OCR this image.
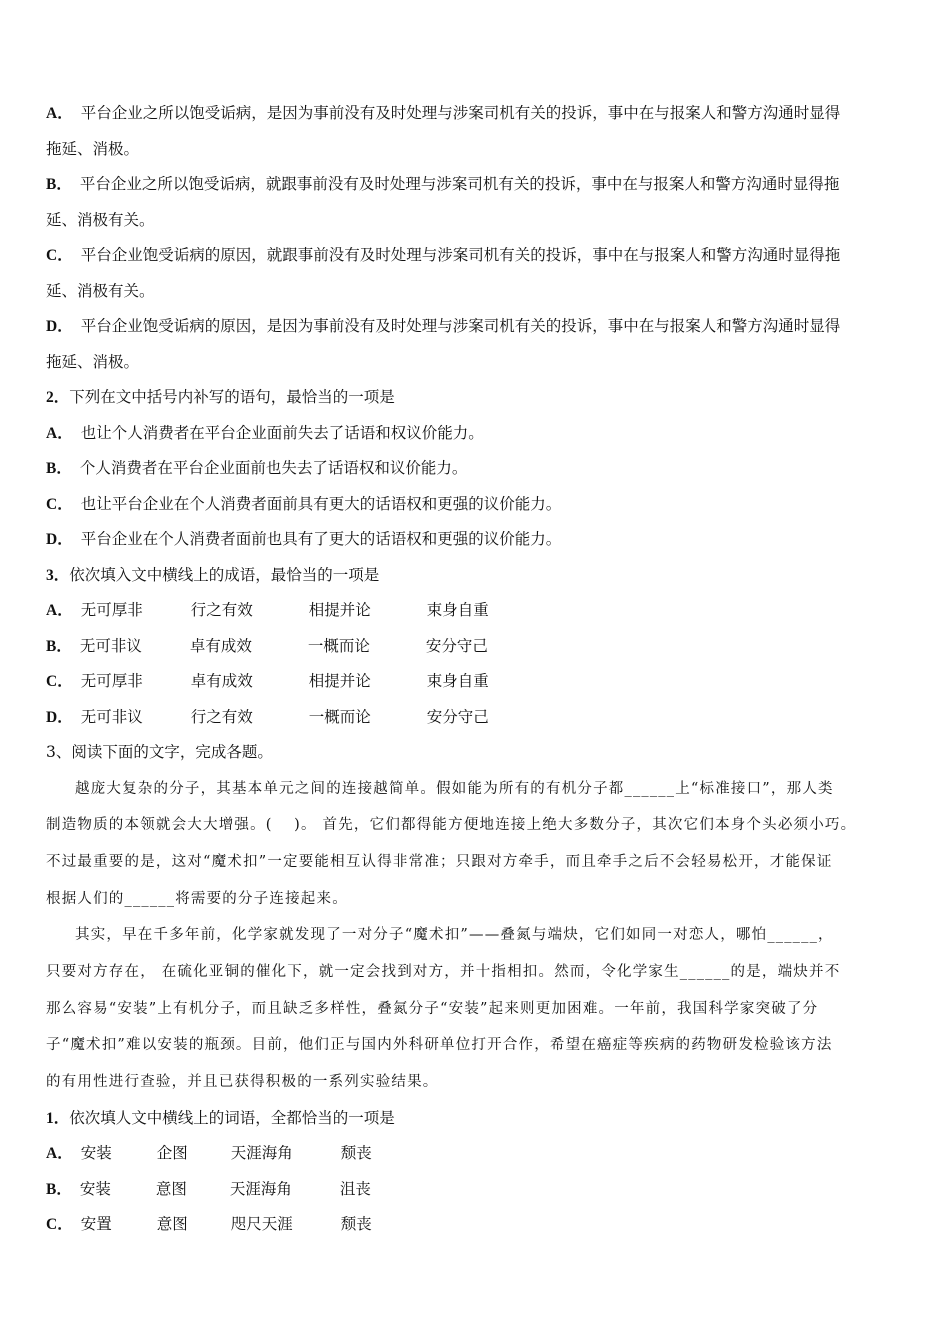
A． 平台企业之所以饱受诟病，是因为事前没有及时处理与涉案司机有关的投诉，事中在与报案人和警方沟通时显得
拖延、消极。
B． 平台企业之所以饱受诟病，就跟事前没有及时处理与涉案司机有关的投诉，事中在与报案人和警方沟通时显得拖
延、消极有关。
C． 平台企业饱受诟病的原因，就跟事前没有及时处理与涉案司机有关的投诉，事中在与报案人和警方沟通时显得拖
延、消极有关。
D． 平台企业饱受诟病的原因，是因为事前没有及时处理与涉案司机有关的投诉，事中在与报案人和警方沟通时显得
拖延、消极。
2．下列在文中括号内补写的语句，最恰当的一项是
A． 也让个人消费者在平台企业面前失去了话语和权议价能力。
B． 个人消费者在平台企业面前也失去了话语权和议价能力。
C． 也让平台企业在个人消费者面前具有更大的话语权和更强的议价能力。
D． 平台企业在个人消费者面前也具有了更大的话语权和更强的议价能力。
3．依次填入文中横线上的成语，最恰当的一项是
A． 无可厚非	行之有效	相提并论	束身自重
B． 无可非议	卓有成效	一概而论	安分守己
C． 无可厚非	卓有成效	相提并论	束身自重
D． 无可非议	行之有效	一概而论	安分守己
3、阅读下面的文字，完成各题。

越庞大复杂的分子，其基本单元之间的连接越简单。假如能为所有的有机分子都______上“标准接口”，那人类

制造物质的本领就会大大增强。(　 )。 首先，它们都得能方便地连接上绝大多数分子，其次它们本身个头必须小巧。

不过最重要的是，这对“魔术扣”一定要能相互认得非常准；只跟对方牵手，而且牵手之后不会轻易松开，才能保证

根据人们的______将需要的分子连接起来。

其实，早在千多年前，化学家就发现了一对分子“魔术扣”——叠氮与端炔，它们如同一对恋人，哪怕______，

只要对方存在， 在硫化亚铜的催化下，就一定会找到对方，并十指相扣。然而，令化学家生______的是，端炔并不

那么容易“安装”上有机分子，而且缺乏多样性，叠氮分子“安装”起来则更加困难。一年前，我国科学家突破了分

子“魔术扣”难以安装的瓶颈。目前，他们正与国内外科研单位打开合作，希望在癌症等疾病的药物研发检验该方法

的有用性进行查验，并且已获得积极的一系列实验结果。

1．依次填人文中横线上的词语，全都恰当的一项是
A． 安装	企图	天涯海角	颓丧
B． 安装	意图	天涯海角	沮丧
C． 安置	意图	咫尺天涯	颓丧
